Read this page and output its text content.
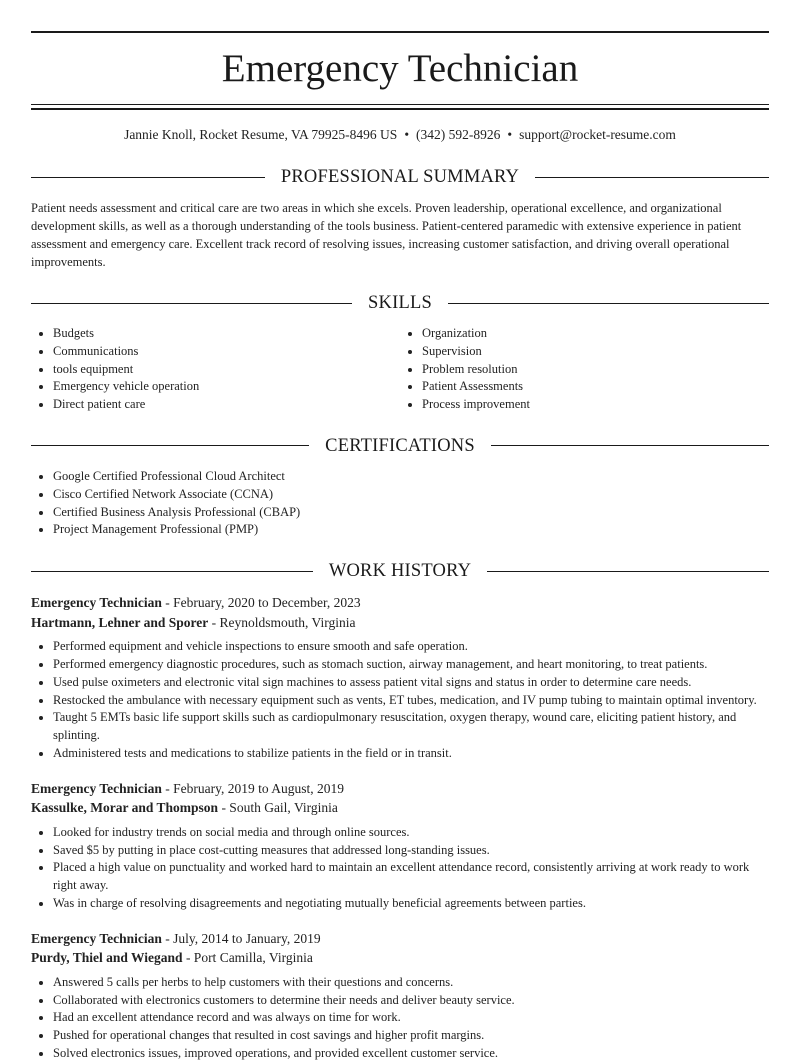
Emergency Technician
Jannie Knoll, Rocket Resume, VA 79925-8496 US • (342) 592-8926 • support@rocket-resume.com
PROFESSIONAL SUMMARY

Patient needs assessment and critical care are two areas in which she excels. Proven leadership, operational excellence, and organizational development skills, as well as a thorough understanding of the tools business. Patient-centered paramedic with extensive experience in patient assessment and emergency care. Excellent track record of resolving issues, increasing customer satisfaction, and driving overall operational improvements.

SKILLS
• Budgets
• Communications
• tools equipment
• Emergency vehicle operation
• Direct patient care
• Organization
• Supervision
• Problem resolution
• Patient Assessments
• Process improvement
CERTIFICATIONS
• Google Certified Professional Cloud Architect
• Cisco Certified Network Associate (CCNA)
• Certified Business Analysis Professional (CBAP)
• Project Management Professional (PMP)
WORK HISTORY
Emergency Technician - February, 2020 to December, 2023
Hartmann, Lehner and Sporer - Reynoldsmouth, Virginia
• Performed equipment and vehicle inspections to ensure smooth and safe operation.
• Performed emergency diagnostic procedures, such as stomach suction, airway management, and heart monitoring, to treat patients.
• Used pulse oximeters and electronic vital sign machines to assess patient vital signs and status in order to determine care needs.
• Restocked the ambulance with necessary equipment such as vents, ET tubes, medication, and IV pump tubing to maintain optimal inventory.
• Taught 5 EMTs basic life support skills such as cardiopulmonary resuscitation, oxygen therapy, wound care, eliciting patient history, and splinting.
• Administered tests and medications to stabilize patients in the field or in transit.
Emergency Technician - February, 2019 to August, 2019
Kassulke, Morar and Thompson - South Gail, Virginia
• Looked for industry trends on social media and through online sources.
• Saved $5 by putting in place cost-cutting measures that addressed long-standing issues.
• Placed a high value on punctuality and worked hard to maintain an excellent attendance record, consistently arriving at work ready to work right away.
• Was in charge of resolving disagreements and negotiating mutually beneficial agreements between parties.
Emergency Technician - July, 2014 to January, 2019
Purdy, Thiel and Wiegand - Port Camilla, Virginia
• Answered 5 calls per herbs to help customers with their questions and concerns.
• Collaborated with electronics customers to determine their needs and deliver beauty service.
• Had an excellent attendance record and was always on time for work.
• Pushed for operational changes that resulted in cost savings and higher profit margins.
• Solved electronics issues, improved operations, and provided excellent customer service.
